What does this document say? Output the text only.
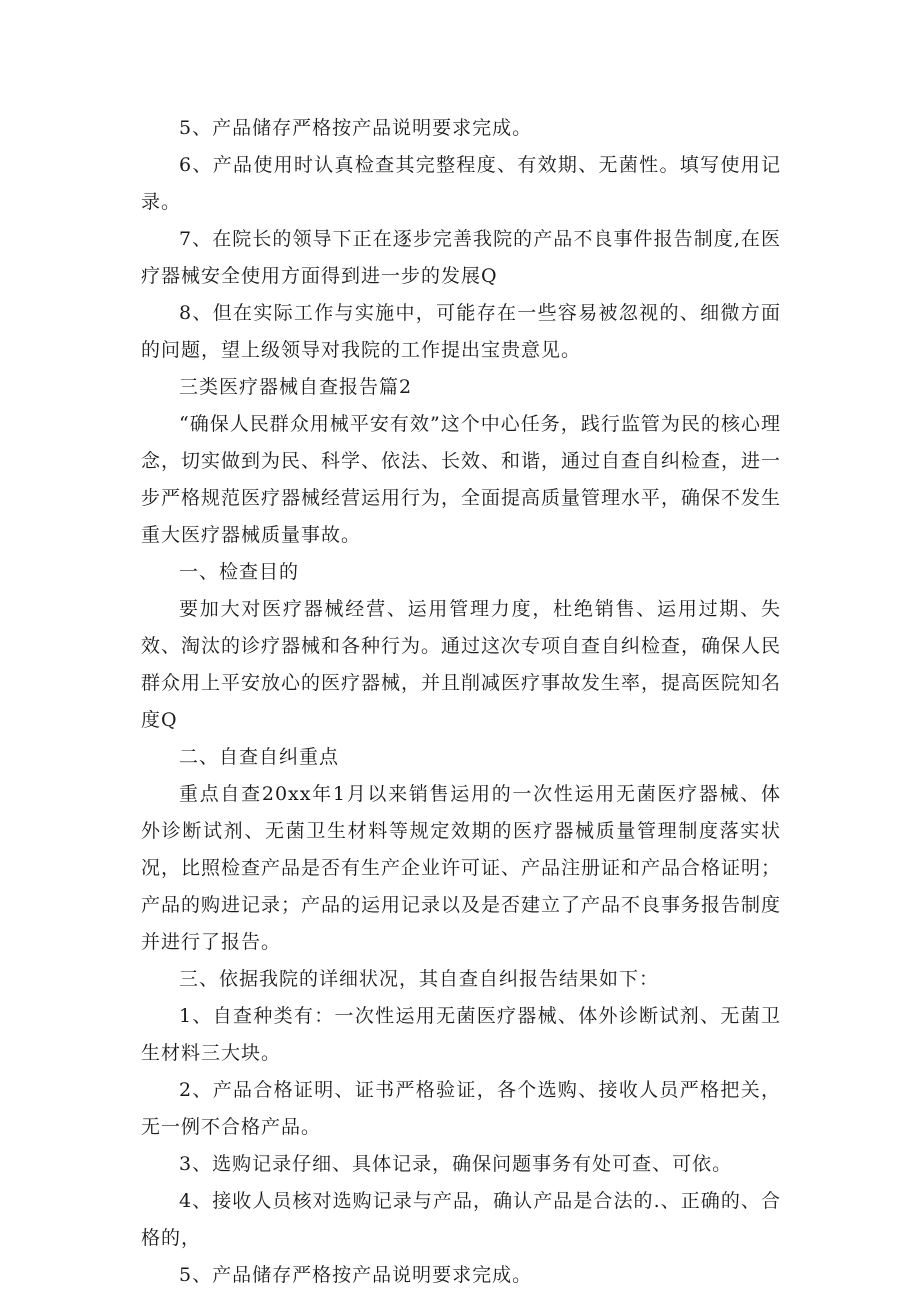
5、产品储存严格按产品说明要求完成。

6、产品使用时认真检查其完整程度、有效期、无菌性。填写使用记录。

7、在院长的领导下正在逐步完善我院的产品不良事件报告制度,在医疗器械安全使用方面得到进一步的发展Q

8、但在实际工作与实施中，可能存在一些容易被忽视的、细微方面的问题，望上级领导对我院的工作提出宝贵意见。

三类医疗器械自查报告篇2

“确保人民群众用械平安有效”这个中心任务，践行监管为民的核心理念，切实做到为民、科学、依法、长效、和谐，通过自查自纠检查，进一步严格规范医疗器械经营运用行为，全面提高质量管理水平，确保不发生重大医疗器械质量事故。

一、检查目的

要加大对医疗器械经营、运用管理力度，杜绝销售、运用过期、失效、淘汰的诊疗器械和各种行为。通过这次专项自查自纠检查，确保人民群众用上平安放心的医疗器械，并且削减医疗事故发生率，提高医院知名度Q

二、自查自纠重点

重点自查20xx年1月以来销售运用的一次性运用无菌医疗器械、体外诊断试剂、无菌卫生材料等规定效期的医疗器械质量管理制度落实状况，比照检查产品是否有生产企业许可证、产品注册证和产品合格证明；产品的购进记录；产品的运用记录以及是否建立了产品不良事务报告制度并进行了报告。

三、依据我院的详细状况，其自查自纠报告结果如下：

1、自查种类有：一次性运用无菌医疗器械、体外诊断试剂、无菌卫生材料三大块。

2、产品合格证明、证书严格验证，各个选购、接收人员严格把关，无一例不合格产品。

3、选购记录仔细、具体记录，确保问题事务有处可查、可依。

4、接收人员核对选购记录与产品，确认产品是合法的.、正确的、合格的，

5、产品储存严格按产品说明要求完成。
